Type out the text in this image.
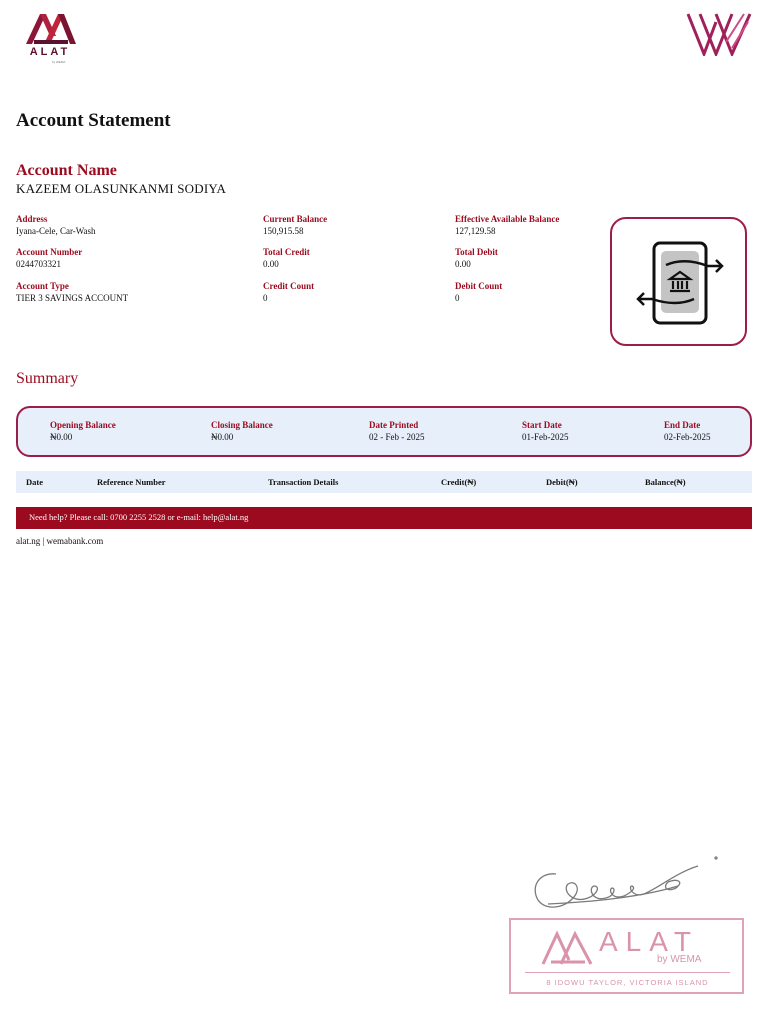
ALAT
by WEMA
Account Statement
Account Name
KAZEEM OLASUNKANMI SODIYA
Address
Iyana-Cele, Car-Wash
Current Balance
150,915.58
Effective Available Balance
127,129.58
Account Number
0244703321
Total Credit
0.00
Total Debit
0.00
Account Type
TIER 3 SAVINGS ACCOUNT
Credit Count
0
Debit Count
0
Summary
Opening Balance
₦0.00
Closing Balance
₦0.00
Date Printed
02 - Feb - 2025
Start Date
01-Feb-2025
End Date
02-Feb-2025
Date	Reference Number	Transaction Details	Credit(₦)	Debit(₦)	Balance(₦)
Need help? Please call: 0700 2255 2528 or e-mail: help@alat.ng
alat.ng | wemabank.com
ALAT
by WEMA
8 IDOWU TAYLOR, VICTORIA ISLAND
